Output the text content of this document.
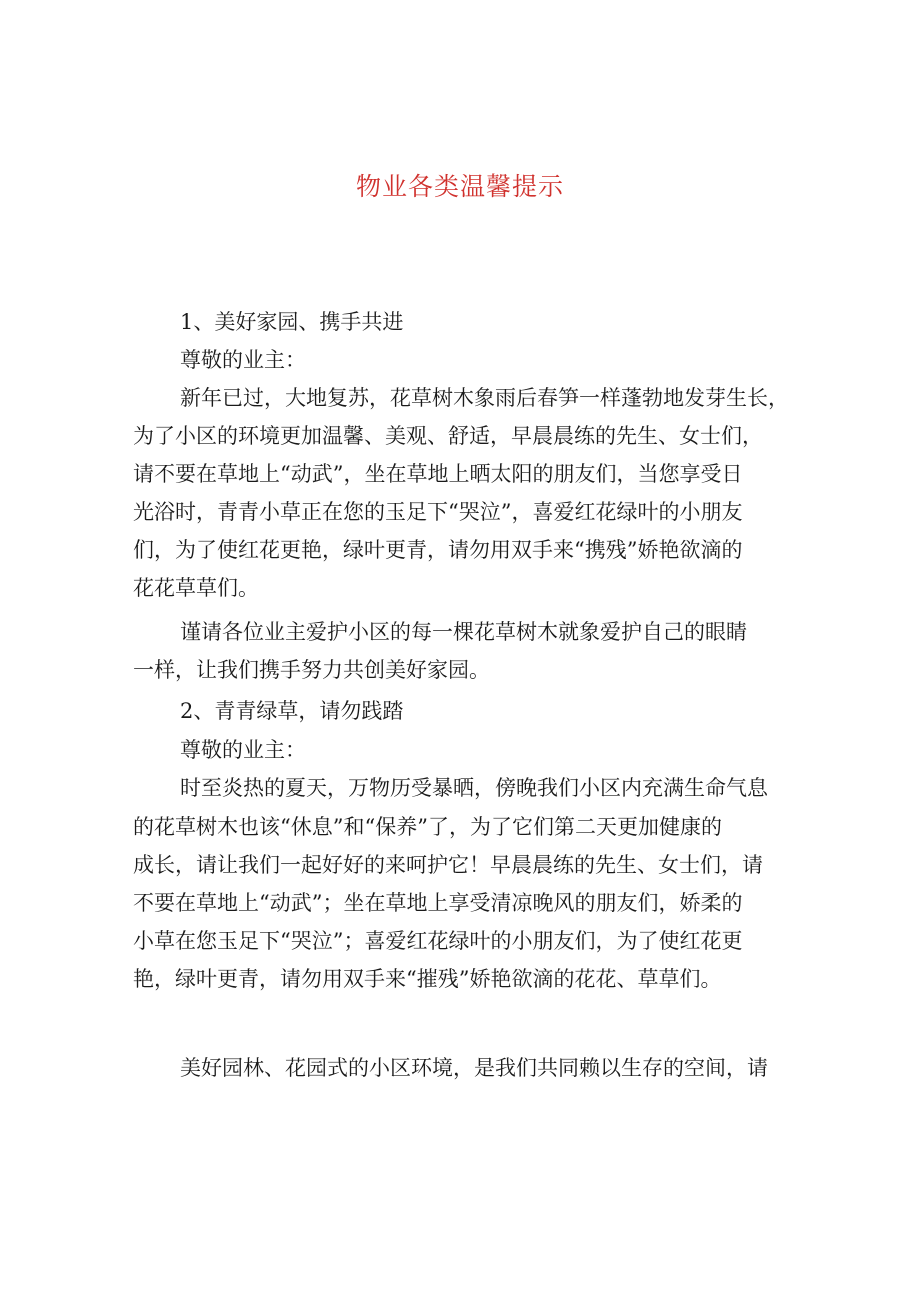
物业各类温馨提示
1、美好家园、携手共进
尊敬的业主：
新年已过，大地复苏，花草树木象雨后春笋一样蓬勃地发芽生长，
为了小区的环境更加温馨、美观、舒适，早晨晨练的先生、女士们，
请不要在草地上“动武”，坐在草地上晒太阳的朋友们，当您享受日
光浴时，青青小草正在您的玉足下“哭泣”，喜爱红花绿叶的小朋友
们，为了使红花更艳，绿叶更青，请勿用双手来“携残”娇艳欲滴的
花花草草们。
谨请各位业主爱护小区的每一棵花草树木就象爱护自己的眼睛
一样，让我们携手努力共创美好家园。
2、青青绿草，请勿践踏
尊敬的业主：
时至炎热的夏天，万物历受暴晒，傍晚我们小区内充满生命气息
的花草树木也该“休息”和“保养”了，为了它们第二天更加健康的
成长，请让我们一起好好的来呵护它！早晨晨练的先生、女士们，请
不要在草地上“动武”；坐在草地上享受清凉晚风的朋友们，娇柔的
小草在您玉足下“哭泣”；喜爱红花绿叶的小朋友们，为了使红花更
艳，绿叶更青，请勿用双手来“摧残”娇艳欲滴的花花、草草们。
美好园林、花园式的小区环境，是我们共同赖以生存的空间，请
